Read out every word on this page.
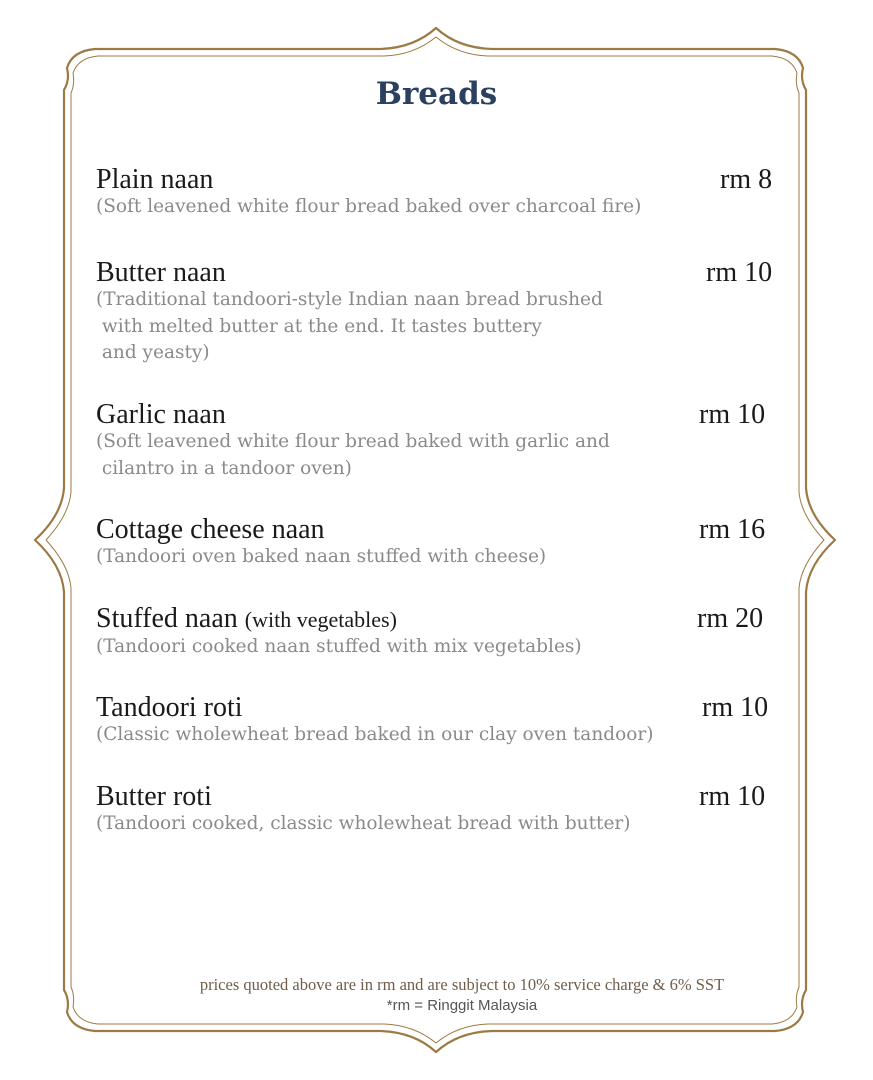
Breads
Plain naan	rm 8
(Soft leavened white flour bread baked over charcoal fire)
Butter naan	rm 10
(Traditional tandoori-style Indian naan bread brushed
with melted butter at the end. It tastes buttery
and yeasty)
Garlic naan	rm 10
(Soft leavened white flour bread baked with garlic and
cilantro in a tandoor oven)
Cottage cheese naan	rm 16
(Tandoori oven baked naan stuffed with cheese)
Stuffed naan (with vegetables)	rm 20
(Tandoori cooked naan stuffed with mix vegetables)
Tandoori roti	rm 10
(Classic wholewheat bread baked in our clay oven tandoor)
Butter roti	rm 10
(Tandoori cooked, classic wholewheat bread with butter)
prices quoted above are in rm and are subject to 10% service charge & 6% SST
*rm = Ringgit Malaysia
